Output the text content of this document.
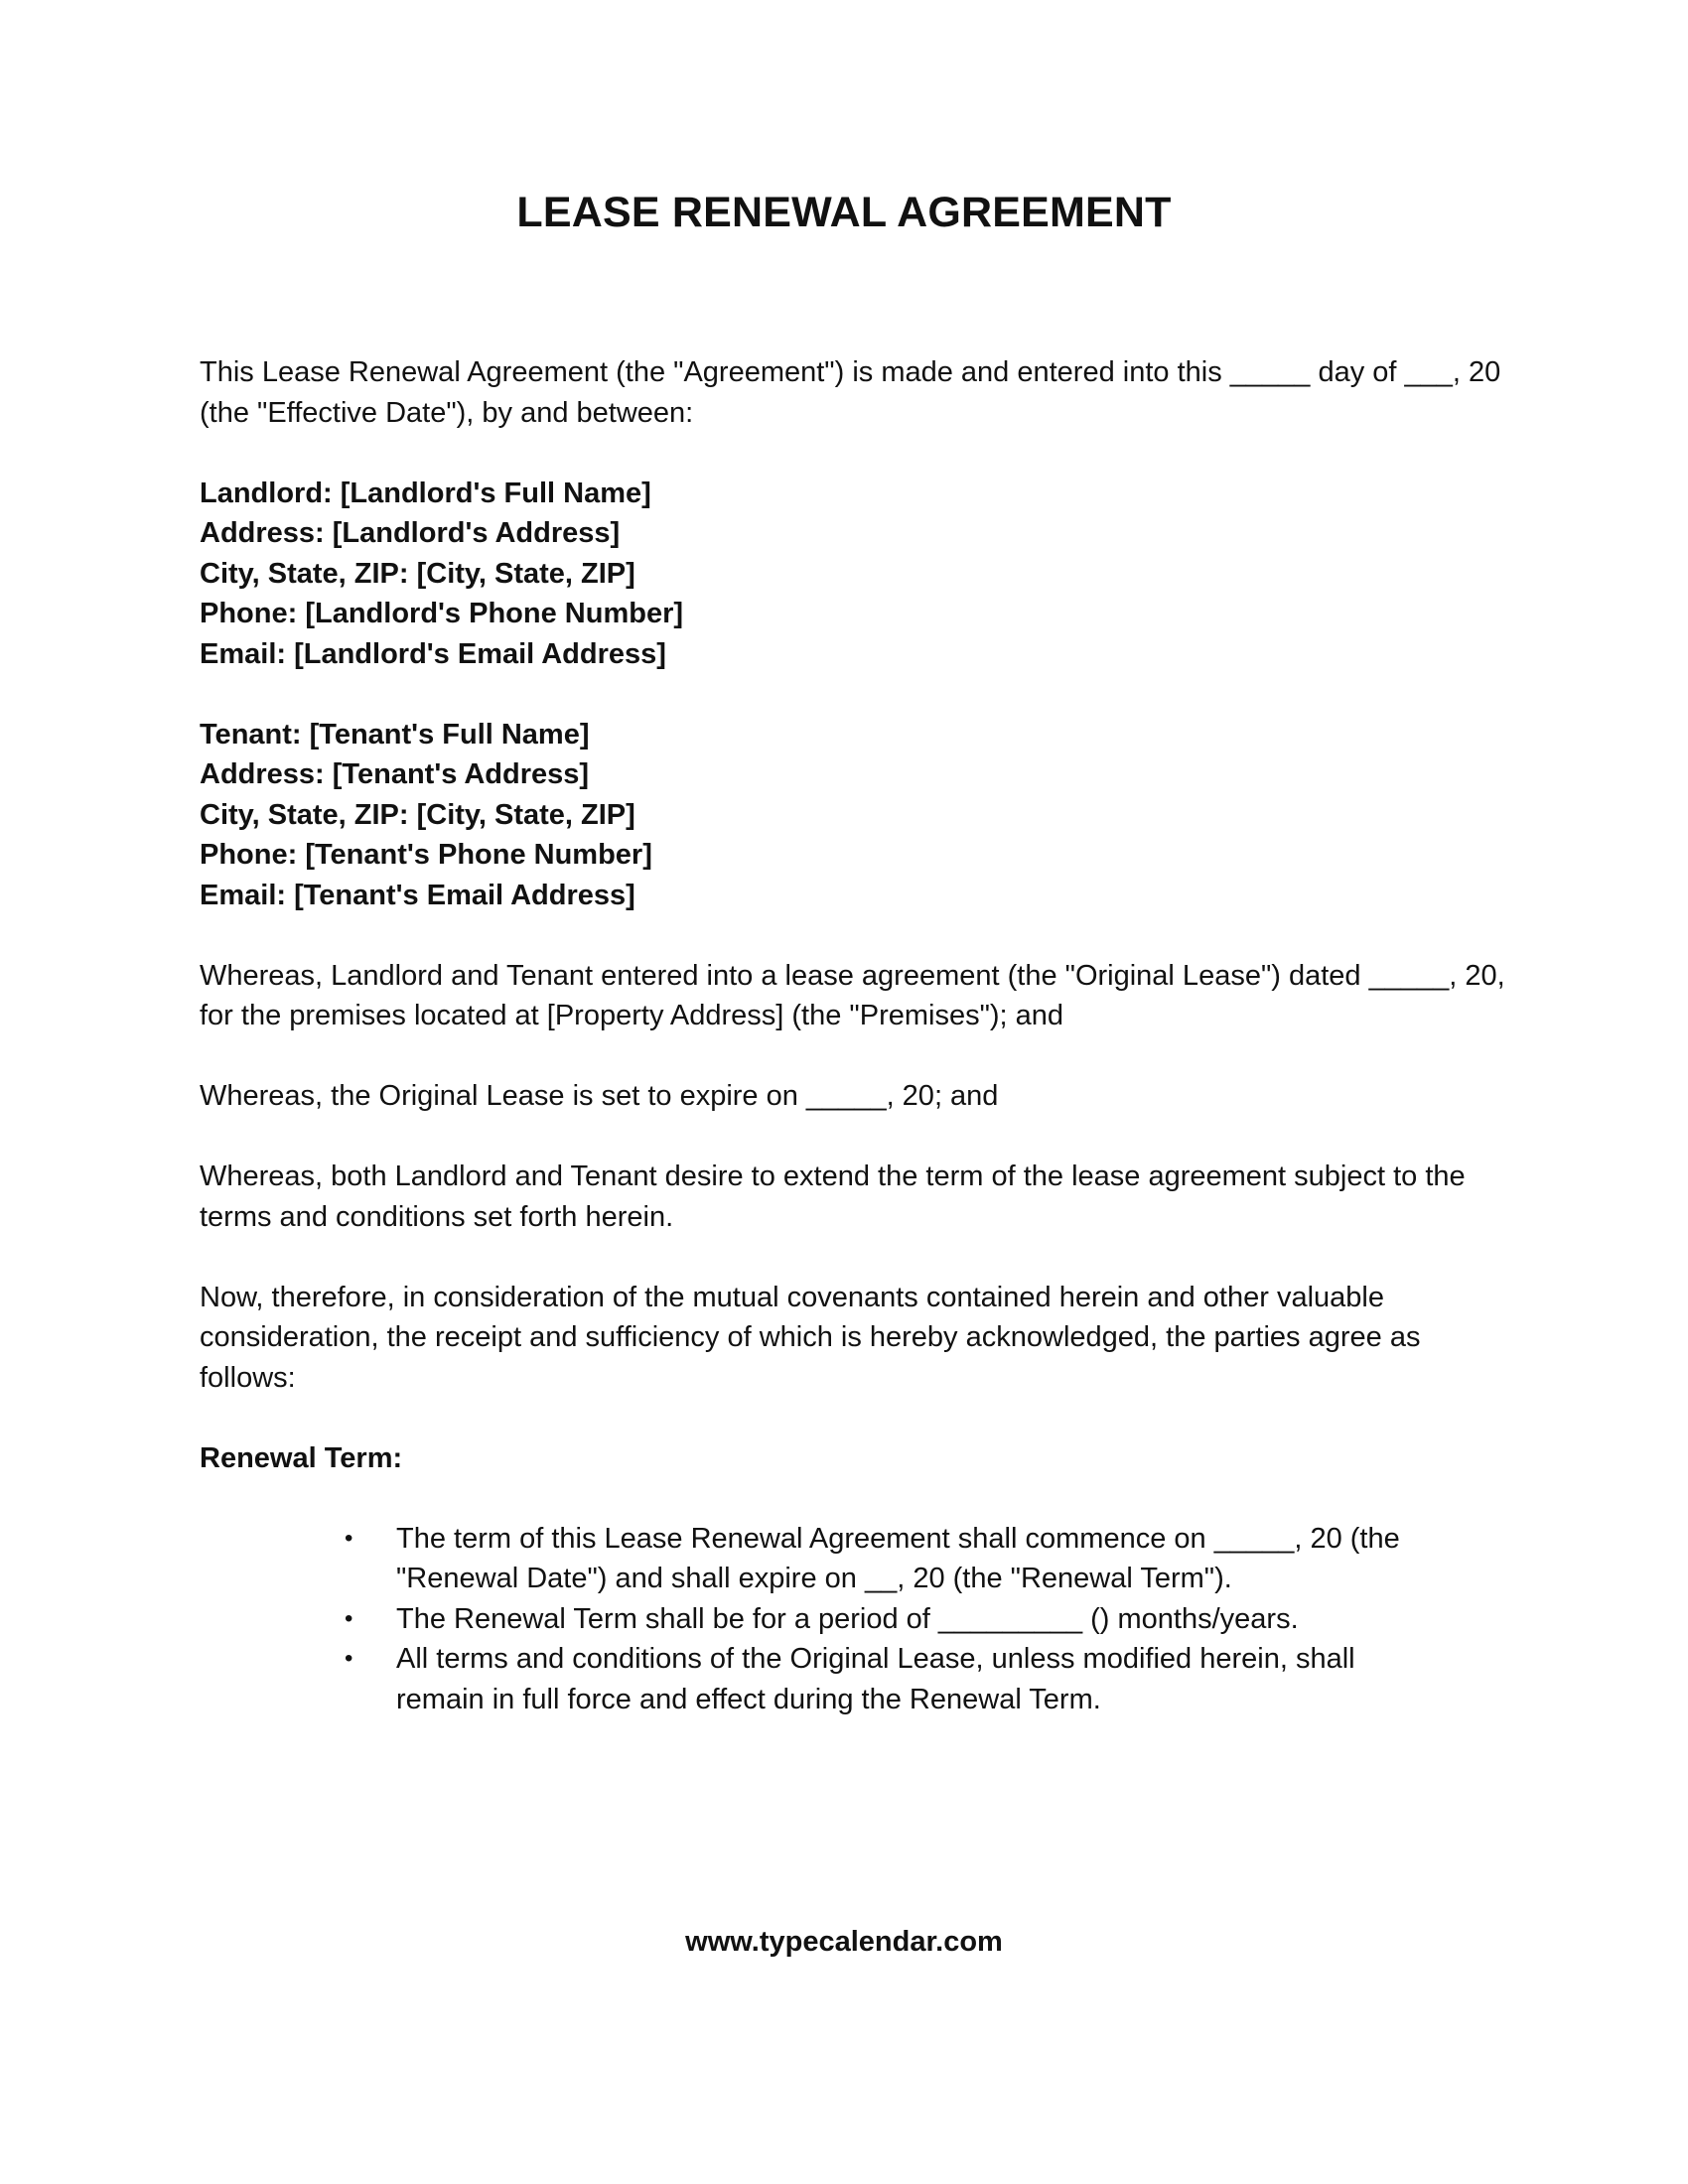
LEASE RENEWAL AGREEMENT

This Lease Renewal Agreement (the "Agreement") is made and entered into this _____ day of ___, 20 (the "Effective Date"), by and between:

Landlord: [Landlord's Full Name]
Address: [Landlord's Address]
City, State, ZIP: [City, State, ZIP]
Phone: [Landlord's Phone Number]
Email: [Landlord's Email Address]
Tenant: [Tenant's Full Name]
Address: [Tenant's Address]
City, State, ZIP: [City, State, ZIP]
Phone: [Tenant's Phone Number]
Email: [Tenant's Email Address]

Whereas, Landlord and Tenant entered into a lease agreement (the "Original Lease") dated _____, 20, for the premises located at [Property Address] (the "Premises"); and

Whereas, the Original Lease is set to expire on _____, 20; and

Whereas, both Landlord and Tenant desire to extend the term of the lease agreement subject to the terms and conditions set forth herein.

Now, therefore, in consideration of the mutual covenants contained herein and other valuable consideration, the receipt and sufficiency of which is hereby acknowledged, the parties agree as follows:

Renewal Term:
• The term of this Lease Renewal Agreement shall commence on _____, 20 (the "Renewal Date") and shall expire on __, 20 (the "Renewal Term").
• The Renewal Term shall be for a period of _________ () months/years.
• All terms and conditions of the Original Lease, unless modified herein, shall remain in full force and effect during the Renewal Term.
www.typecalendar.com
